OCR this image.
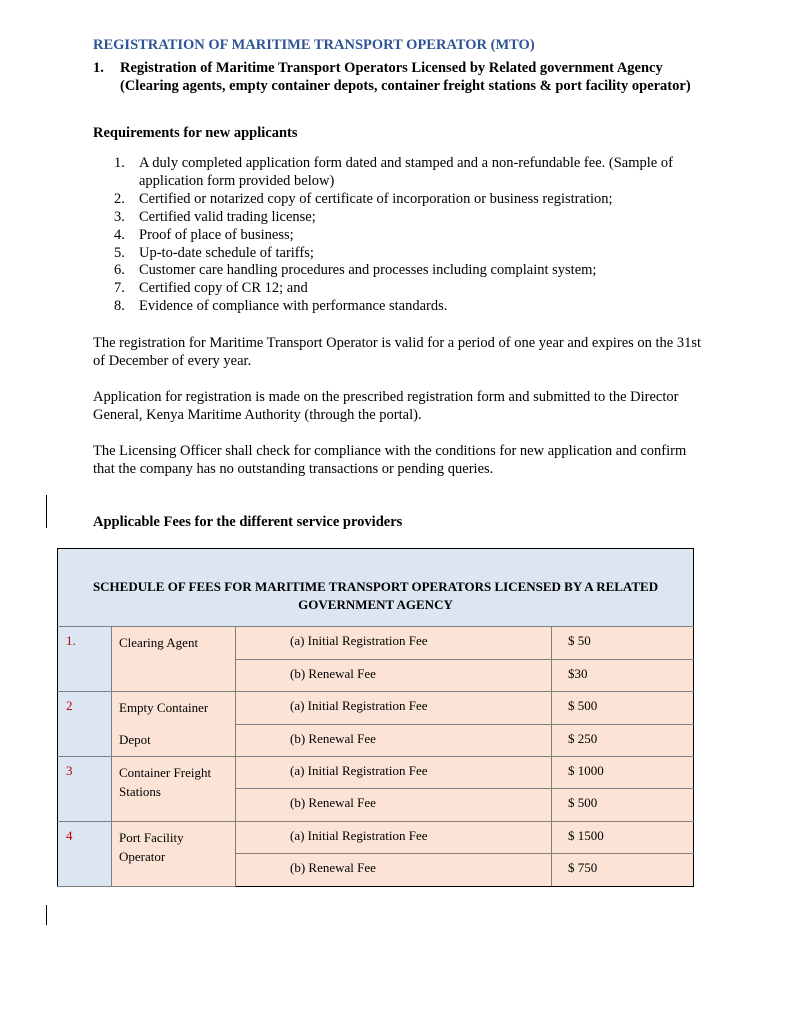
REGISTRATION OF MARITIME TRANSPORT OPERATOR (MTO)
1. Registration of Maritime Transport Operators Licensed by Related government Agency (Clearing agents, empty container depots, container freight stations & port facility operator)
Requirements for new applicants
1. A duly completed application form dated and stamped and a non-refundable fee. (Sample of application form provided below)
2. Certified or notarized copy of certificate of incorporation or business registration;
3. Certified valid trading license;
4. Proof of place of business;
5. Up-to-date schedule of tariffs;
6. Customer care handling procedures and processes including complaint system;
7. Certified copy of CR 12; and
8. Evidence of compliance with performance standards.
The registration for Maritime Transport Operator is valid for a period of one year and expires on the 31st of December of every year.
Application for registration is made on the prescribed registration form and submitted to the Director General, Kenya Maritime Authority (through the portal).
The Licensing Officer shall check for compliance with the conditions for new application and confirm that the company has no outstanding transactions or pending queries.
Applicable Fees for the different service providers
SCHEDULE OF FEES FOR MARITIME TRANSPORT OPERATORS LICENSED BY A RELATED GOVERNMENT AGENCY			
1.	Clearing Agent	(a) Initial Registration Fee	$ 50
		(b) Renewal Fee	$30
2	Empty Container
Depot	(a) Initial Registration Fee	$ 500
		(b) Renewal Fee	$ 250
3	Container Freight
Stations	(a) Initial Registration Fee	$ 1000
		(b) Renewal Fee	$ 500
4	Port Facility
Operator	(a) Initial Registration Fee	$ 1500
		(b) Renewal Fee	$ 750
